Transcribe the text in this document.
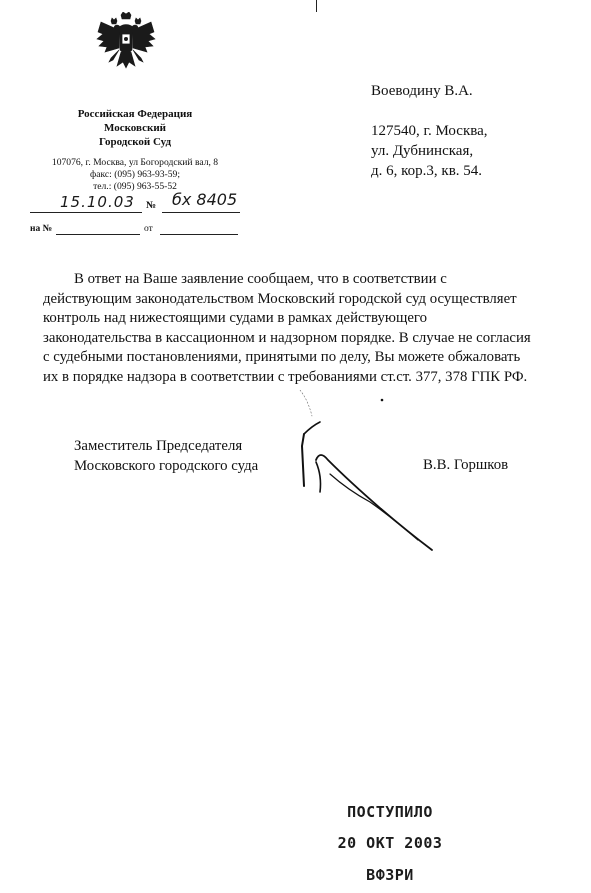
Российская Федерация
Московский
Городской Суд
107076, г. Москва, ул Богородский вал, 8
факс: (095) 963-93-59;
тел.: (095) 963-55-52
15.10.03 № бх 8405
на №	от
Воеводину В.А.
127540, г. Москва,
ул. Дубнинская,
д. 6, кор.3, кв. 54.
В ответ на Ваше заявление сообщаем, что в соответствии с
действующим законодательством Московский городской суд осуществляет
контроль над нижестоящими судами в рамках действующего
законодательства в кассационном и надзорном порядке. В случае не согласия
с судебными постановлениями, принятыми по делу, Вы можете обжаловать
их в порядке надзора в соответствии с требованиями ст.ст. 377, 378 ГПК РФ.
Заместитель Председателя
Московского городского суда	В.В. Горшков
ПОСТУПИЛО
20 ОКТ 2003
ВФЗРИ
